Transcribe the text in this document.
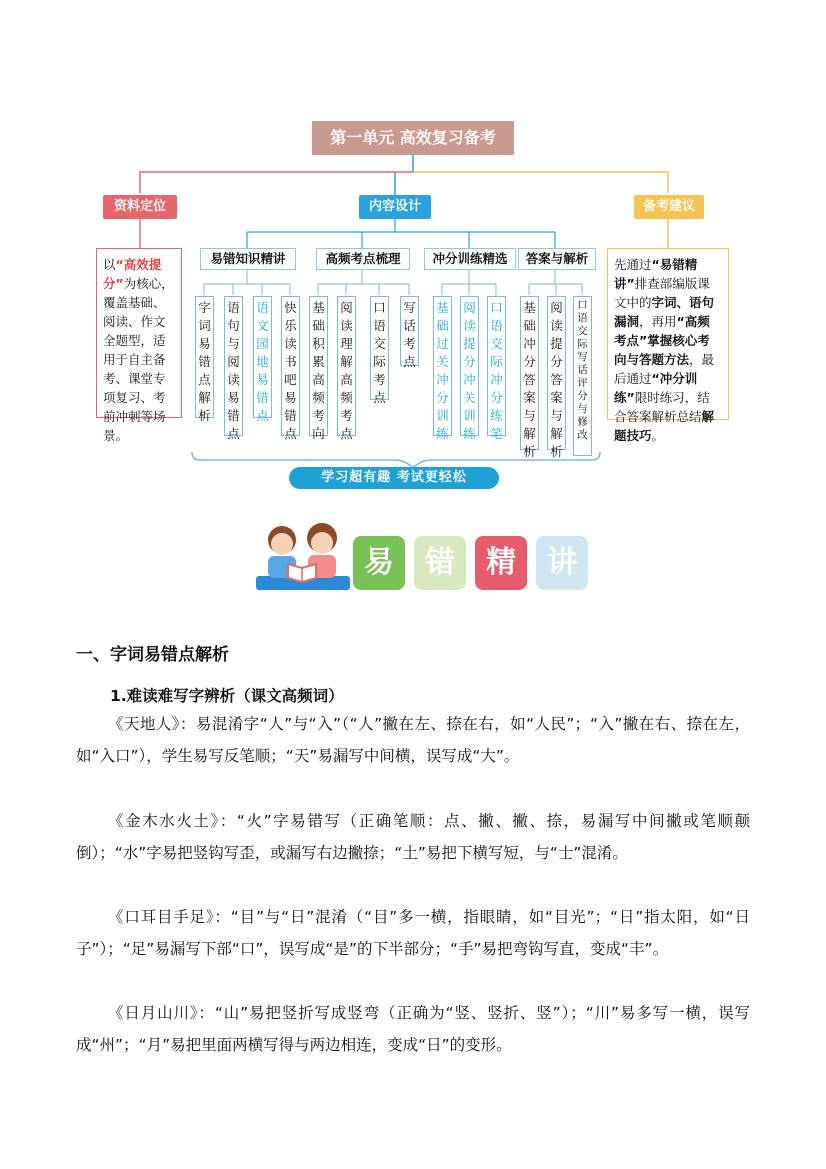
第一单元 高效复习备考
资料定位	内容设计	备考建议
以“高效提分”为核心，覆盖基础、阅读、作文全题型，适用于自主备考、课堂专项复习、考前冲刺等场景。
先通过“易错精讲”排查部编版课文中的字词、语句漏洞，再用“高频考点”掌握核心考向与答题方法，最后通过“冲分训练”限时练习，结合答案解析总结解题技巧。
易错知识精讲	高频考点梳理	冲分训练精选	答案与解析
字词易错点解析
语句与阅读易错点
语文园地易错点
快乐读书吧易错点
基础积累高频考向
阅读理解高频考点
口语交际考点
写话考点
基础过关冲分训练
阅读提分冲关训练
口语交际冲分练笔
基础冲分答案与解析
阅读提分答案与解析
口语交际写话评分与修改
学习超有趣 考试更轻松
易	错	精	讲
一、字词易错点解析
1.难读难写字辨析（课文高频词）
《天地人》：易混淆字“人”与“入”（“人”撇在左、捺在右，如“人民”；“入”撇在右、捺在左，如“入口”），学生易写反笔顺；“天”易漏写中间横，误写成“大”。
《金木水火土》：“火”字易错写（正确笔顺：点、撇、撇、捺，易漏写中间撇或笔顺颠倒）；“水”字易把竖钩写歪，或漏写右边撇捺；“土”易把下横写短，与“士”混淆。
《口耳目手足》：“目”与“日”混淆（“目”多一横，指眼睛，如“目光”；“日”指太阳，如“日子”）；“足”易漏写下部“口”，误写成“是”的下半部分；“手”易把弯钩写直，变成“丰”。
《日月山川》：“山”易把竖折写成竖弯（正确为“竖、竖折、竖”）；“川”易多写一横，误写成“州”；“月”易把里面两横写得与两边相连，变成“日”的变形。
